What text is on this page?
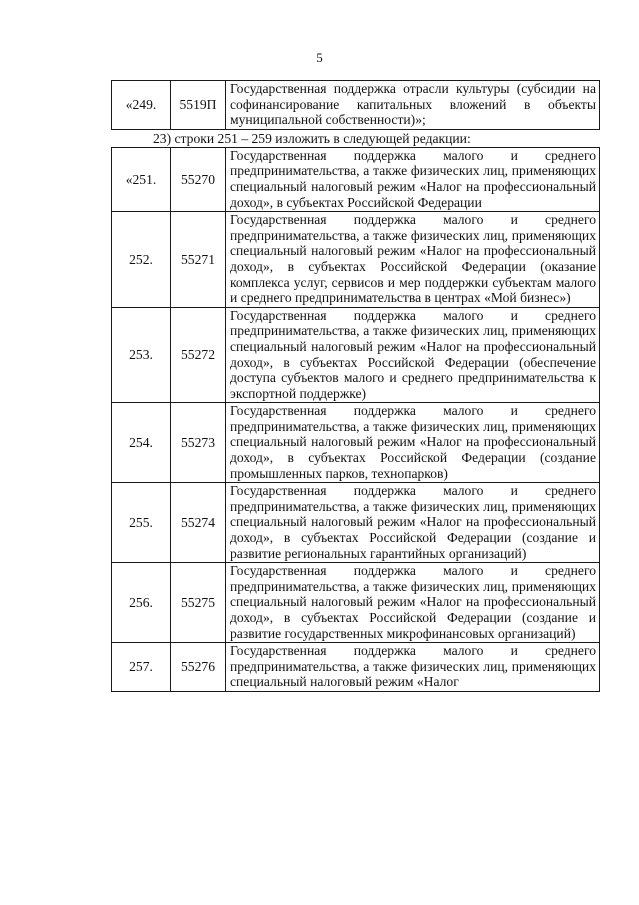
5
«249.	5519П	Государственная поддержка отрасли культуры (субсидии на софинансирование капитальных вложений в объекты муниципальной собственности)»;
23) строки 251 – 259 изложить в следующей редакции:
«251.	55270	Государственная поддержка малого и среднего предпринимательства, а также физических лиц, применяющих специальный налоговый режим «Налог на профессиональный доход», в субъектах Российской Федерации
252.	55271	Государственная поддержка малого и среднего предпринимательства, а также физических лиц, применяющих специальный налоговый режим «Налог на профессиональный доход», в субъектах Российской Федерации (оказание комплекса услуг, сервисов и мер поддержки субъектам малого и среднего предпринимательства в центрах «Мой бизнес»)
253.	55272	Государственная поддержка малого и среднего предпринимательства, а также физических лиц, применяющих специальный налоговый режим «Налог на профессиональный доход», в субъектах Российской Федерации (обеспечение доступа субъектов малого и среднего предпринимательства к экспортной поддержке)
254.	55273	Государственная поддержка малого и среднего предпринимательства, а также физических лиц, применяющих специальный налоговый режим «Налог на профессиональный доход», в субъектах Российской Федерации (создание промышленных парков, технопарков)
255.	55274	Государственная поддержка малого и среднего предпринимательства, а также физических лиц, применяющих специальный налоговый режим «Налог на профессиональный доход», в субъектах Российской Федерации (создание и развитие региональных гарантийных организаций)
256.	55275	Государственная поддержка малого и среднего предпринимательства, а также физических лиц, применяющих специальный налоговый режим «Налог на профессиональный доход», в субъектах Российской Федерации (создание и развитие государственных микрофинансовых организаций)
257.	55276	Государственная поддержка малого и среднего предпринимательства, а также физических лиц, применяющих специальный налоговый режим «Налог
